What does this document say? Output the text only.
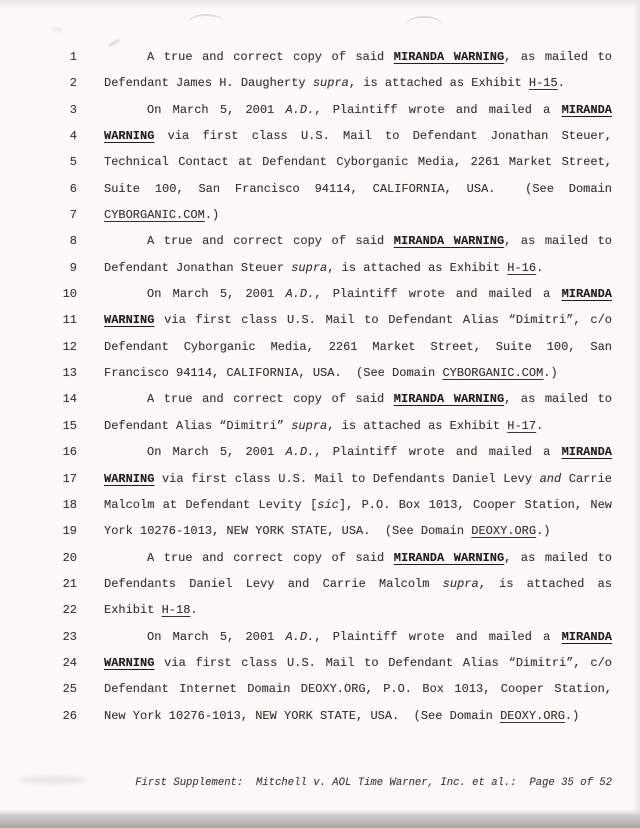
1	A true and correct copy of said MIRANDA WARNING, as mailed to
2 Defendant James H. Daugherty supra, is attached as Exhibit H-15.
3	On March 5, 2001 A.D., Plaintiff wrote and mailed a MIRANDA
4 WARNING via first class U.S. Mail to Defendant Jonathan Steuer,
5 Technical Contact at Defendant Cyborganic Media, 2261 Market Street,
6 Suite 100, San Francisco 94114, CALIFORNIA, USA.  (See Domain
7 CYBORGANIC.COM.)
8	A true and correct copy of said MIRANDA WARNING, as mailed to
9 Defendant Jonathan Steuer supra, is attached as Exhibit H-16.
10	On March 5, 2001 A.D., Plaintiff wrote and mailed a MIRANDA
11 WARNING via first class U.S. Mail to Defendant Alias “Dimitri”, c/o
12 Defendant Cyborganic Media, 2261 Market Street, Suite 100, San
13 Francisco 94114, CALIFORNIA, USA.  (See Domain CYBORGANIC.COM.)
14	A true and correct copy of said MIRANDA WARNING, as mailed to
15 Defendant Alias “Dimitri” supra, is attached as Exhibit H-17.
16	On March 5, 2001 A.D., Plaintiff wrote and mailed a MIRANDA
17 WARNING via first class U.S. Mail to Defendants Daniel Levy and Carrie
18 Malcolm at Defendant Levity [sic], P.O. Box 1013, Cooper Station, New
19 York 10276-1013, NEW YORK STATE, USA.  (See Domain DEOXY.ORG.)
20	A true and correct copy of said MIRANDA WARNING, as mailed to
21 Defendants Daniel Levy and Carrie Malcolm supra, is attached as
22 Exhibit H-18.
23	On March 5, 2001 A.D., Plaintiff wrote and mailed a MIRANDA
24 WARNING via first class U.S. Mail to Defendant Alias “Dimitri”, c/o
25 Defendant Internet Domain DEOXY.ORG, P.O. Box 1013, Cooper Station,
26 New York 10276-1013, NEW YORK STATE, USA.  (See Domain DEOXY.ORG.)
First Supplement:  Mitchell v. AOL Time Warner, Inc. et al.:  Page 35 of 52
